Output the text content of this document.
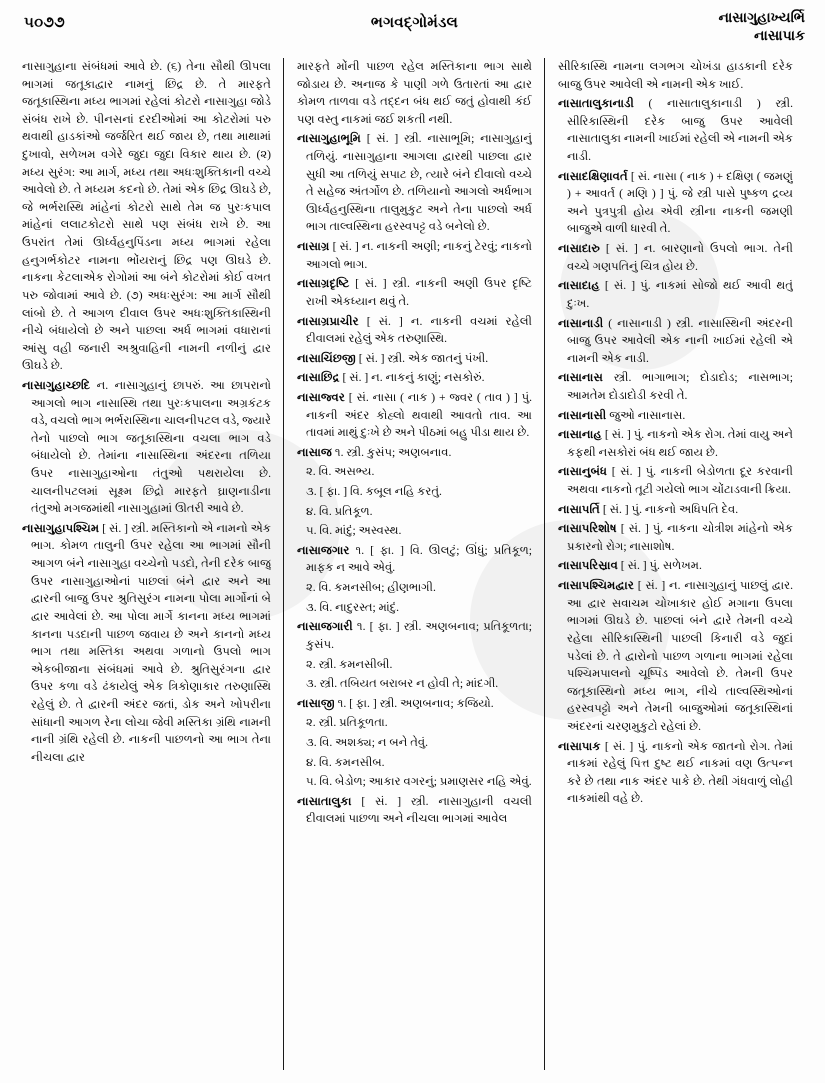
૫૦૭૭	ભગવદ્ગોમંડલ	નાસાગુહાખ્યર્ભિ
નાસાપાક

નાસાગુહાના સંબંધમાં આવે છે. (૬) તેના સૌથી ઊપલા ભાગમાં જતૂકાદ્વાર નામનું છિદ્ર છે. તે મારફતે જતૂકાસ્થિના મધ્ય ભાગમાં રહેલાં કોટરો નાસાગુહા જોડે સંબંધ રાખે છે. પીનસનાં દરદીઓમાં આ કોટરોમાં પરુ થવાથી હાડકાંઓ જર્જરિત થઈ જાય છે, તથા માથામાં દુખાવો, સળેખમ વગેરે જુદા જુદા વિકાર થાય છે. (૨) મધ્ય સુરંગ: આ માર્ગ, મધ્ય તથા અધઃશુક્તિકાની વચ્ચે આવેલો છે. તે મધ્યમ કદનો છે. તેમાં એક છિદ્ર ઊઘડે છે, જે ભર્ભરાસ્થિ માંહેનાં કોટરો સાથે તેમ જ પુરઃકપાલ માંહેનાં લલાટકોટરો સાથે પણ સંબંધ રાખે છે. આ ઉપરાંત તેમાં ઊર્ધ્વહનુપિંડના મધ્ય ભાગમાં રહેલા હનુગર્ભકોટર નામના ભોંયરાનું છિદ્ર પણ ઊઘડે છે. નાકના કેટલાએક રોગોમાં આ બંને કોટરોમાં કોઈ વખત પરુ જોવામાં આવે છે. (૭) અધઃસુરંગ: આ માર્ગ સૌથી લાંબો છે. તે આગળ દીવાલ ઉપર અધઃશુક્તિકાસ્થિની નીચે બંધાયેલો છે અને પાછલા અર્ધ ભાગમાં વધારાનાં આંસુ વહી જનારી અશ્રુવાહિની નામની નળીનું દ્વાર ઊઘડે છે.

નાસાગુહાચ્છદિ ન. નાસાગુહાનું છાપરું. આ છાપરાનો આગલો ભાગ નાસાસ્થિ તથા પુરઃકપાલના અગ્રકંટક વડે, વચલો ભાગ ભર્ભરાસ્થિના ચાલનીપટલ વડે, જ્યારે તેનો પાછલો ભાગ જતૂકાસ્થિના વચલા ભાગ વડે બંધાયેલો છે. તેમાંના નાસાસ્થિના અંદરના તળિયા ઉપર નાસાગુહાઓના તંતુઓ પથરાયેલા છે. ચાલનીપટલમાં સૂક્ષ્મ છિદ્રો મારફતે ઘ્રાણનાડીના તંતુઓ મગજમાંથી નાસાગુહામાં ઊતરી આવે છે.

નાસાગુહાપશ્ચિમ [ સં. ] સ્ત્રી. મસ્તિકાનો એ નામનો એક ભાગ. કોમળ તાલુની ઉપર રહેલા આ ભાગમાં સૌની આગળ બંને નાસાગુહા વચ્ચેનો પડદો, તેની દરેક બાજુ ઉપર નાસાગુહાઓનાં પાછલાં બંને દ્વાર અને આ દ્વારની બાજુ ઉપર શ્રુતિસુરંગ નામના પોલા માર્ગોનાં બે દ્વાર આવેલાં છે. આ પોલા માર્ગે કાનના મધ્ય ભાગમાં કાનના પડદાની પાછળ જવાય છે અને કાનનો મધ્ય ભાગ તથા મસ્તિકા અથવા ગળાનો ઉપલો ભાગ એકબીજાના સંબંધમાં આવે છે. શ્રુતિસુરંગના દ્વાર ઉપર કળા વડે ઢંકાયેલું એક ત્રિકોણાકાર તરુણાસ્થિ રહેલું છે. તે દ્વારની અંદર જતાં, ડોક અને ખોપરીના સાંધાની આગળ રેના લોચા જેવી મસ્તિકા ગ્રંથિ નામની નાની ગ્રંથિ રહેલી છે. નાકની પાછળનો આ ભાગ તેના નીચલા દ્વાર

મારફતે મોંની પાછળ રહેલ મસ્તિકાના ભાગ સાથે જોડાય છે. અનાજ કે પાણી ગળે ઉતારતાં આ દ્વાર કોમળ તાળવા વડે તદ્દન બંધ થઈ જતું હોવાથી કંઈ પણ વસ્તુ નાકમાં જઈ શકતી નથી.

નાસાગુહાભૂમિ [ સં. ] સ્ત્રી. નાસાભૂમિ; નાસાગુહાનું તળિયું. નાસાગુહાના આગલા દ્વારથી પાછલા દ્વાર સુધી આ તળિયું સપાટ છે, ત્યારે બંને દીવાલો વચ્ચે તે સહેજ અંતર્ગોળ છે. તળિયાનો આગલો અર્ધભાગ ઊર્ધ્વહનુસ્થિના તાલુમુકુટ અને તેના પાછલો અર્ધ ભાગ તાલ્વસ્થિના હરસ્વપટ્ટ વડે બનેલો છે.

નાસાગ્ર [ સં. ] ન. નાકની અણી; નાકનું ટેરવું; નાકનો આગલો ભાગ.

નાસાગ્રદૃષ્ટિ [ સં. ] સ્ત્રી. નાકની અણી ઉપર દૃષ્ટિ રાખી એકધ્યાન થવું તે.

નાસાગ્રપ્રાચીર [ સં. ] ન. નાકની વચમાં રહેલી દીવાલમાં રહેલું એક તરુણાસ્થિ.

નાસાચિંછજી [ સં. ] સ્ત્રી. એક જાતનું પંખી.

નાસાછિદ્ર [ સં. ] ન. નાકનું કાણું; નસકોરું.

નાસાજ્વર [ સં. નાસા ( નાક ) + જ્વર ( તાવ ) ] પું. નાકની અંદર કોહ્લો થવાથી આવતો તાવ. આ તાવમાં માથું દુઃખે છે અને પીઠમાં બહુ પીડા થાય છે.

નાસાજ ૧. સ્ત્રી. કુસંપ; અણબનાવ.

૨. વિ. અસભ્ય.

૩. [ ફા. ] વિ. કબૂલ નહિ કરતું.

૪. વિ. પ્રતિકૂળ.

૫. વિ. માંદું; અસ્વસ્થ.

નાસાજગાર ૧. [ ફા. ] વિ. ઊલટું; ઊંધું; પ્રતિકૂળ; માફક ન આવે એવું.

૨. વિ. કમનસીબ; હીણભાગી.

૩. વિ. નાદુરસ્ત; માંદું.

નાસાજગારી ૧. [ ફા. ] સ્ત્રી. અણબનાવ; પ્રતિકૂળતા; કુસંપ.

૨. સ્ત્રી. કમનસીબી.

૩. સ્ત્રી. તબિયત બરાબર ન હોવી તે; માંદગી.

નાસાજી ૧. [ ફા. ] સ્ત્રી. અણબનાવ; કજિયો.

૨. સ્ત્રી. પ્રતિકૂળતા.

૩. વિ. અશક્ય; ન બને તેવું.

૪. વિ. કમનસીબ.

૫. વિ. બેડોળ; આકાર વગરનું; પ્રમાણસર નહિ એવું.

નાસાતાલુકા [ સં. ] સ્ત્રી. નાસાગુહાની વચલી દીવાલમાં પાછળા અને નીચલા ભાગમાં આવેલ

સીરિકાસ્થિ નામના લગભગ ચોખંડા હાડકાની દરેક બાજુ ઉપર આવેલી એ નામની એક ખાઈ.

નાસાતાલુકાનાડી ( નાસાતાલુકાનાડી ) સ્ત્રી. સીરિકાસ્થિની દરેક બાજુ ઉપર આવેલી નાસાતાલુકા નામની ખાઈમાં રહેલી એ નામની એક નાડી.

નાસાદક્ષિણાવર્ત [ સં. નાસા ( નાક ) + દક્ષિણ ( જમણું ) + આવર્ત ( મણિ ) ] પું. જે સ્ત્રી પાસે પુષ્કળ દ્રવ્ય અને પુત્રપુત્રી હોય એવી સ્ત્રીના નાકની જમણી બાજુએ વાળી ધારવી તે.

નાસાદારુ [ સં. ] ન. બારણાનો ઉપલો ભાગ. તેની વચ્ચે ગણપતિનું ચિત્ર હોય છે.

નાસાદાહ [ સં. ] પું. નાકમાં સોજો થઈ આવી થતું દુઃખ.

નાસાનાડી ( નાસાનાડી ) સ્ત્રી. નાસાસ્થિની અંદરની બાજુ ઉપર આવેલી એક નાની ખાઈમાં રહેલી એ નામની એક નાડી.

નાસાનાસ સ્ત્રી. ભાગાભાગ; દોડાદોડ; નાસભાગ; આમતેમ દોડાદોડી કરવી તે.

નાસાનાસી જુઓ નાસાનાસ.

નાસાનાહ [ સં. ] પું. નાકનો એક રોગ. તેમાં વાયુ અને કફથી નસકોરાં બંધ થઈ જાય છે.

નાસાનુબંધ [ સં. ] પું. નાકની બેડોળતા દૂર કરવાની અથવા નાકનો તૂટી ગયેલો ભાગ ચોંટાડવાની ક્રિયા.

નાસાપર્તિ [ સં. ] પું. નાકનો અધિપતિ દેવ.

નાસાપરિશોષ [ સં. ] પું. નાકના ચોત્રીશ માંહેનો એક પ્રકારનો રોગ; નાસાશોષ.

નાસાપરિસ્રાવ [ સં. ] પું. સળેખમ.

નાસાપશ્ચિમદ્વાર [ સં. ] ન. નાસાગુહાનું પાછલું દ્વાર. આ દ્વાર સવાચમ ચોખાકાર હોઈ મગાના ઉપલા ભાગમાં ઊઘડે છે. પાછલાં બંને દ્વારે તેમની વચ્ચે રહેલા સીરિકાસ્થિની પાછલી કિનારી વડે જુદાં પડેલાં છે. તે દ્વારોનો પાછળ ગળાના ભાગમાં રહેલા પશ્ચિમપાલનો ચૂષ્પિંડ આવેલો છે. તેમની ઉપર જતૂકાસ્થિનો મધ્ય ભાગ, નીચે તાલ્વસ્થિઓનાં હરસ્વપટ્ટો અને તેમની બાજુઓમાં જતૂકાસ્થિનાં અંદરનાં ચરણમુકુટો રહેલાં છે.

નાસાપાક [ સં. ] પું. નાકનો એક જાતનો રોગ. તેમાં નાકમાં રહેલું પિત્ત દુષ્ટ થઈ નાકમાં વણ ઉત્પન્ન કરે છે તથા નાક અંદર પાકે છે. તેથી ગંધવાળું લોહી નાકમાંથી વહે છે.
